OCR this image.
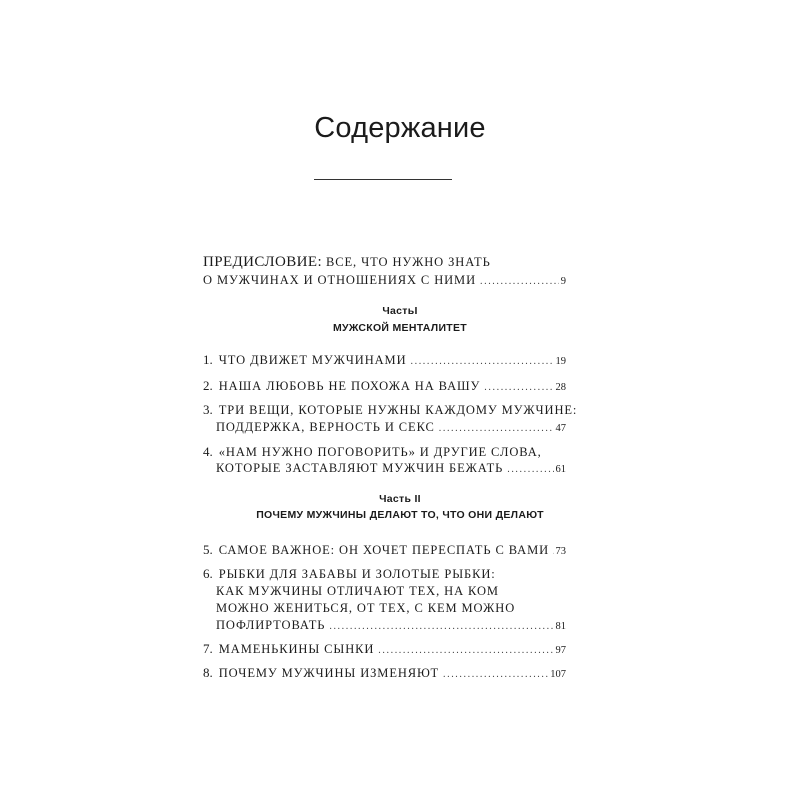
Содержание
ПРЕДИСЛОВИЕ: ВСЕ, ЧТО НУЖНО ЗНАТЬ
О МУЖЧИНАХ И ОТНОШЕНИЯХ С НИМИ .....	9
ЧастьI
МУЖСКОЙ МЕНТАЛИТЕТ
1. ЧТО ДВИЖЕТ МУЖЧИНАМИ .....	19
2. НАША ЛЮБОВЬ НЕ ПОХОЖА НА ВАШУ .....	28
3. ТРИ ВЕЩИ, КОТОРЫЕ НУЖНЫ КАЖДОМУ МУЖЧИНЕ:
ПОДДЕРЖКА, ВЕРНОСТЬ И СЕКС .....	47
4. «НАМ НУЖНО ПОГОВОРИТЬ» И ДРУГИЕ СЛОВА,
КОТОРЫЕ ЗАСТАВЛЯЮТ МУЖЧИН БЕЖАТЬ .....	61
Часть II
ПОЧЕМУ МУЖЧИНЫ ДЕЛАЮТ ТО, ЧТО ОНИ ДЕЛАЮТ
5. САМОЕ ВАЖНОЕ: ОН ХОЧЕТ ПЕРЕСПАТЬ С ВАМИ ..... 73
6. РЫБКИ ДЛЯ ЗАБАВЫ И ЗОЛОТЫЕ РЫБКИ:
КАК МУЖЧИНЫ ОТЛИЧАЮТ ТЕХ, НА КОМ
МОЖНО ЖЕНИТЬСЯ, ОТ ТЕХ, С КЕМ МОЖНО
ПОФЛИРТОВАТЬ .....	81
7. МАМЕНЬКИНЫ СЫНКИ .....	97
8. ПОЧЕМУ МУЖЧИНЫ ИЗМЕНЯЮТ .....	107
